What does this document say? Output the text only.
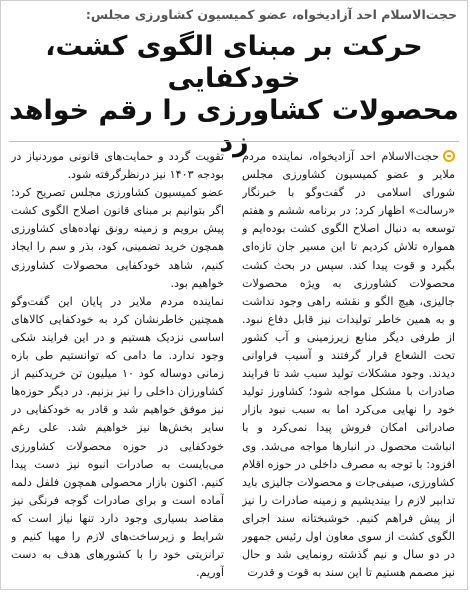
حجت‌الاسلام احد آزادیخواه، عضو کمیسیون کشاورزی مجلس:
حرکت بر مبنای الگوی کشت، خودکفایی
محصولات کشاورزی را رقم خواهد زد

حجت‌الاسلام احد آزادیخواه، نماینده مردم ملایر و عضو کمیسیون کشاورزی مجلس شورای اسلامی در گفت‌وگو با خبرنگار «رسالت» اظهار کرد: در برنامه ششم و هفتم توسعه به دنبال اصلاح الگوی کشت بوده‌ایم و همواره تلاش کردیم تا این مسیر جان تازه‌ای بگیرد و قوت پیدا کند. سپس در بحث کشت محصولات کشاورزی به ویژه محصولات جالیزی، هیچ الگو و نقشه راهی وجود نداشت و به همین خاطر تولیدات نیز قابل دفاع نبود. از طرفی دیگر منابع زیرزمینی و آب کشور تحت الشعاع قرار گرفتند و آسیب فراوانی دیدند. وجود مشکلات تولید سبب شد تا فرایند صادرات با مشکل مواجه شود؛ کشاورز تولید خود را نهایی می‌کرد اما به سبب نبود بازار صادراتی امکان فروش پیدا نمی‌کرد و با انباشت محصول در انبارها مواجه می‌شد. وی افزود: با توجه به مصرف داخلی در حوزه اقلام کشاورزی، صیفی‌جات و محصولات جالیزی باید تدابیر لازم را بیندیشیم و زمینه صادرات را نیز از پیش فراهم کنیم. خوشبختانه سند اجرای الگوی کشت از سوی معاون اول رئیس جمهور در دو سال و نیم گذشته رونمایی شد و حال نیز مصمم هستیم تا این سند به قوت و قدرت

تقویت گردد و حمایت‌های قانونی موردنیاز در بودجه ۱۴۰۳ نیز درنظرگرفته شود.

عضو کمیسیون کشاورزی مجلس تصریح کرد: اگر بتوانیم بر مبنای قانون اصلاح الگوی کشت پیش برویم و زمینه رونق نهاده‌های کشاورزی همچون خرید تضمینی، کود، بذر و سم را ایجاد کنیم، شاهد خودکفایی محصولات کشاورزی خواهیم بود.

نماینده مردم ملایر در پایان این گفت‌وگو همچنین خاطرنشان کرد به خودکفایی کالاهای اساسی نزدیک هستیم و در این فرایند شکی وجود ندارد. ما دامی که توانستیم طی بازه زمانی دوساله کود ۱۰ میلیون تن خریدکنیم از کشاورزان داخلی را نیز بزنیم. در دیگر حوزه‌ها نیز موفق خواهیم شد و قادر به خودکفایی در سایر بخش‌ها نیز خواهیم شد. علی رغم خودکفایی در حوزه محصولات کشاورزی می‌بایست به صادرات انبوه نیز دست پیدا کنیم. اکنون بازار محصولی همچون فلفل دلمه آماده است و برای صادرات گوجه فرنگی نیز مقاصد بسیاری وجود دارد تنها نیاز است که شرایط و زیرساخت‌های لازم را مهیا کنیم و ترانزیتی خود را با کشورهای هدف به دست آوریم.
